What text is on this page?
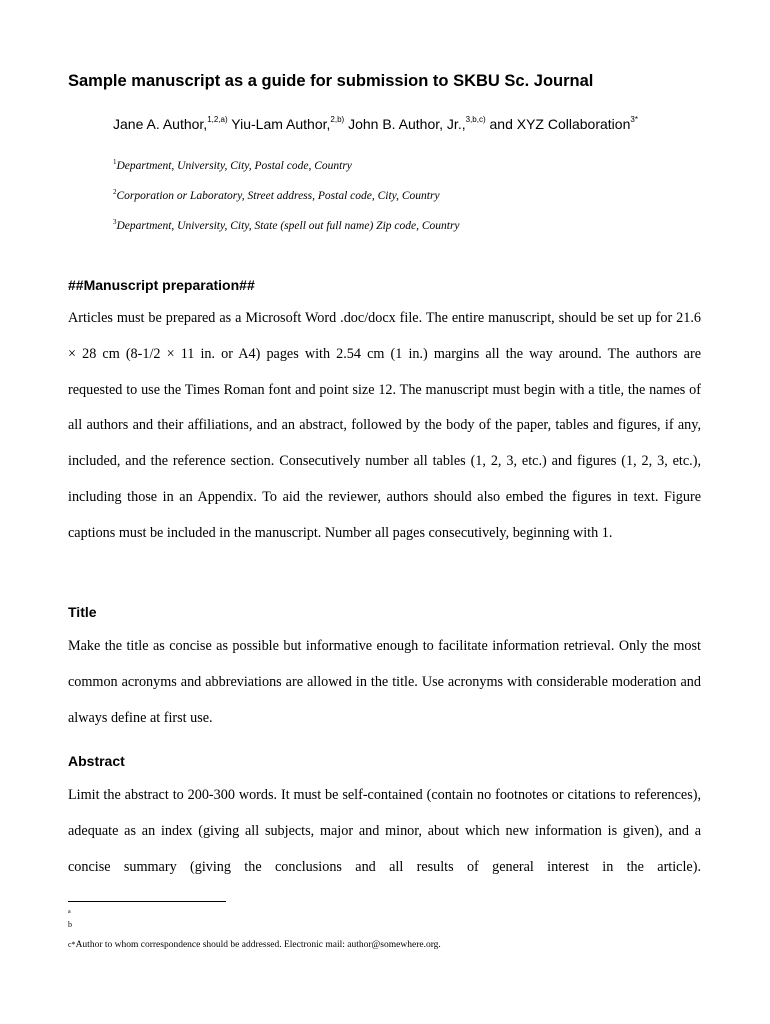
Sample manuscript as a guide for submission to SKBU Sc. Journal
Jane A. Author,$^{1,2,a)}$ Yiu-Lam Author,$^{2,b)}$ John B. Author, Jr.,$^{3,b,c)}$ and XYZ Collaboration$^{3*}$
$^1$Department, University, City, Postal code, Country
$^2$Corporation or Laboratory, Street address, Postal code, City, Country
$^3$Department, University, City, State (spell out full name) Zip code, Country
##Manuscript preparation##
Articles must be prepared as a Microsoft Word .doc/docx file. The entire manuscript, should be set up for 21.6 × 28 cm (8-1/2 × 11 in. or A4) pages with 2.54 cm (1 in.) margins all the way around. The authors are requested to use the Times Roman font and point size 12. The manuscript must begin with a title, the names of all authors and their affiliations, and an abstract, followed by the body of the paper, tables and figures, if any, included, and the reference section. Consecutively number all tables (1, 2, 3, etc.) and figures (1, 2, 3, etc.), including those in an Appendix. To aid the reviewer, authors should also embed the figures in text. Figure captions must be included in the manuscript. Number all pages consecutively, beginning with 1.
Title
Make the title as concise as possible but informative enough to facilitate information retrieval. Only the most common acronyms and abbreviations are allowed in the title. Use acronyms with considerable moderation and always define at first use.
Abstract
Limit the abstract to 200-300 words. It must be self-contained (contain no footnotes or citations to references), adequate as an index (giving all subjects, major and minor, about which new information is given), and a concise summary (giving the conclusions and all results of general interest in the article).
a
b
c*Author to whom correspondence should be addressed. Electronic mail: author@somewhere.org.
